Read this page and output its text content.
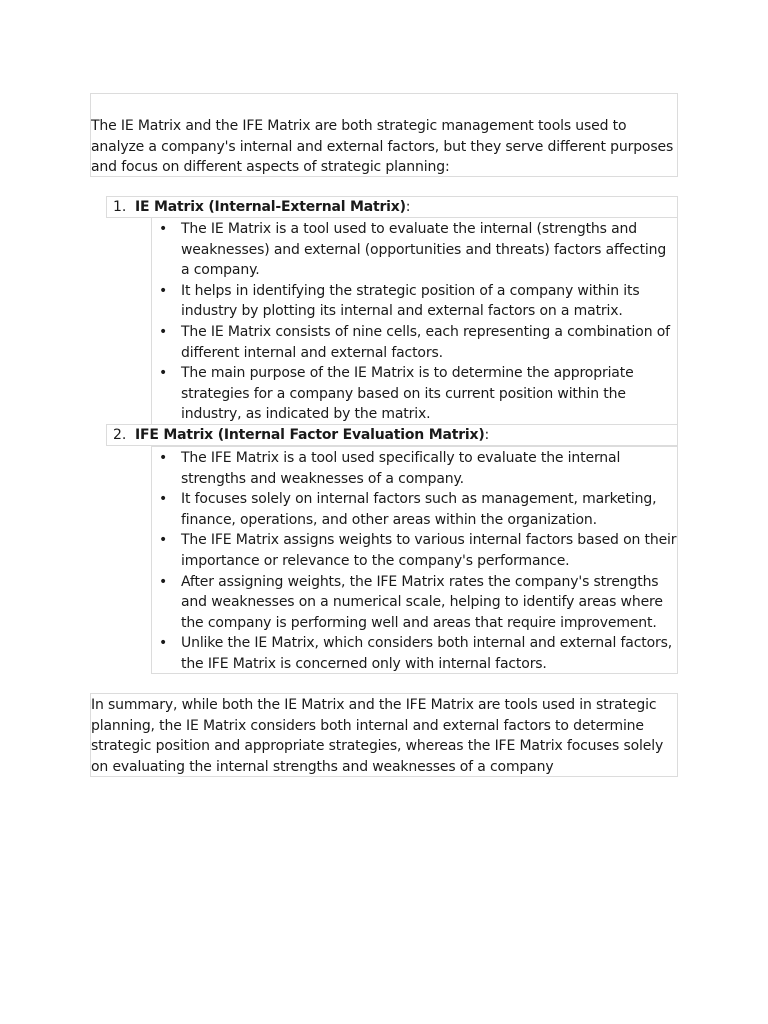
The IE Matrix and the IFE Matrix are both strategic management tools used to analyze a company's internal and external factors, but they serve different purposes and focus on different aspects of strategic planning:
1. IE Matrix (Internal-External Matrix):
• The IE Matrix is a tool used to evaluate the internal (strengths and weaknesses) and external (opportunities and threats) factors affecting a company.
• It helps in identifying the strategic position of a company within its industry by plotting its internal and external factors on a matrix.
• The IE Matrix consists of nine cells, each representing a combination of different internal and external factors.
• The main purpose of the IE Matrix is to determine the appropriate strategies for a company based on its current position within the industry, as indicated by the matrix.
2. IFE Matrix (Internal Factor Evaluation Matrix):
• The IFE Matrix is a tool used specifically to evaluate the internal strengths and weaknesses of a company.
• It focuses solely on internal factors such as management, marketing, finance, operations, and other areas within the organization.
• The IFE Matrix assigns weights to various internal factors based on their importance or relevance to the company's performance.
• After assigning weights, the IFE Matrix rates the company's strengths and weaknesses on a numerical scale, helping to identify areas where the company is performing well and areas that require improvement.
• Unlike the IE Matrix, which considers both internal and external factors, the IFE Matrix is concerned only with internal factors.
In summary, while both the IE Matrix and the IFE Matrix are tools used in strategic planning, the IE Matrix considers both internal and external factors to determine strategic position and appropriate strategies, whereas the IFE Matrix focuses solely on evaluating the internal strengths and weaknesses of a company
